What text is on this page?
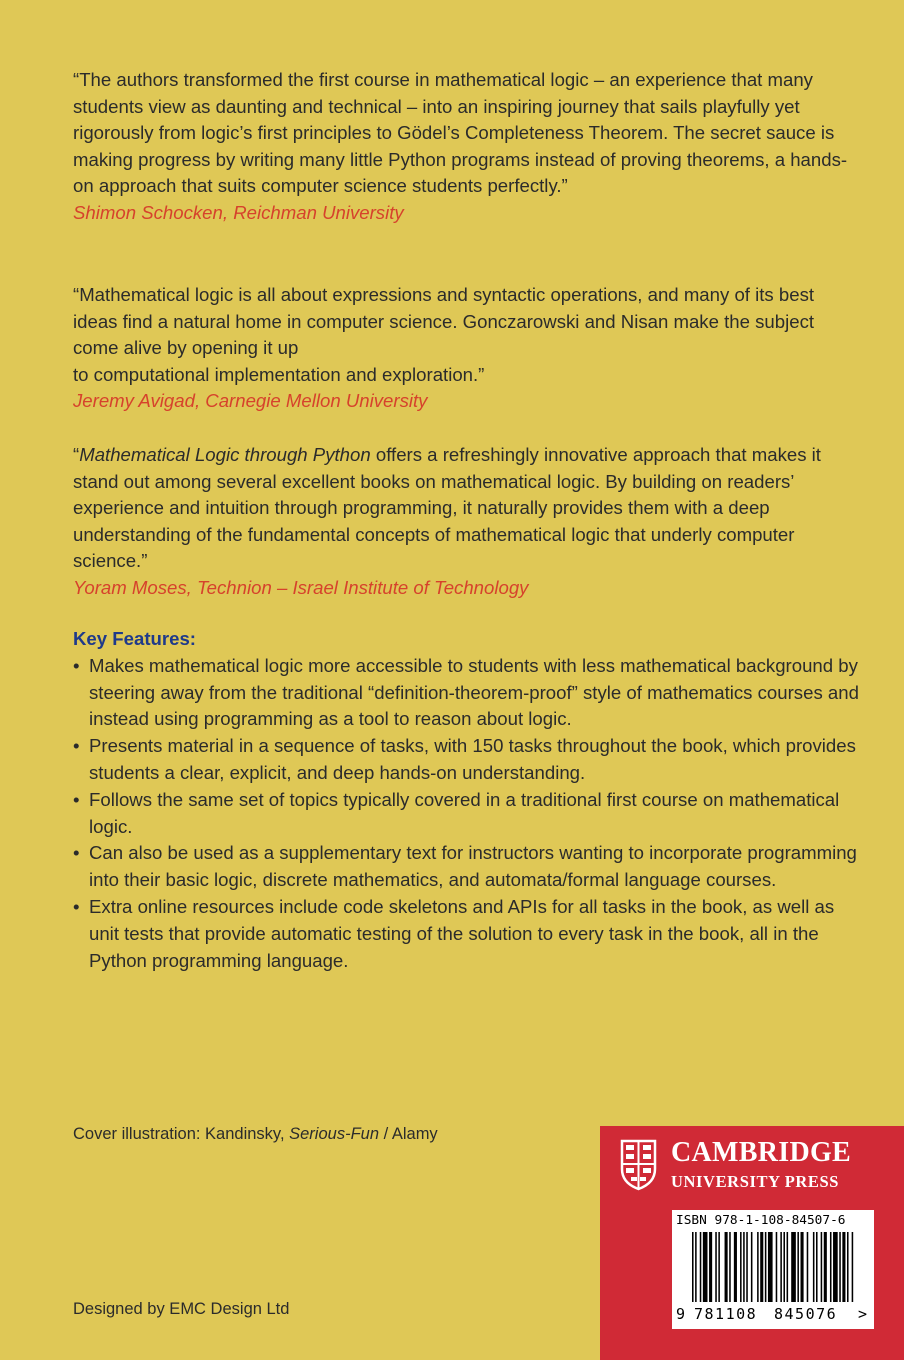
“The authors transformed the first course in mathematical logic – an experience that many students view as daunting and technical – into an inspiring journey that sails playfully yet rigorously from logic’s first principles to Gödel’s Completeness Theorem. The secret sauce is making progress by writing many little Python programs instead of proving theorems, a hands-on approach that suits computer science students perfectly.”

Shimon Schocken, Reichman University

“Mathematical logic is all about expressions and syntactic operations, and many of its best ideas find a natural home in computer science. Gonczarowski and Nisan make the subject come alive by opening it up
to computational implementation and exploration.”

Jeremy Avigad, Carnegie Mellon University

“Mathematical Logic through Python offers a refreshingly innovative approach that makes it stand out among several excellent books on mathematical logic. By building on readers’ experience and intuition through programming, it naturally provides them with a deep understanding of the fundamental concepts of mathematical logic that underly computer science.”

Yoram Moses, Technion – Israel Institute of Technology

Key Features:
• Makes mathematical logic more accessible to students with less mathematical background by steering away from the traditional “definition-theorem-proof” style of mathematics courses and instead using programming as a tool to reason about logic.
• Presents material in a sequence of tasks, with 150 tasks throughout the book, which provides students a clear, explicit, and deep hands-on understanding.
• Follows the same set of topics typically covered in a traditional first course on mathematical logic.
• Can also be used as a supplementary text for instructors wanting to incorporate programming into their basic logic, discrete mathematics, and automata/formal language courses.
• Extra online resources include code skeletons and APIs for all tasks in the book, as well as unit tests that provide automatic testing of the solution to every task in the book, all in the Python programming language.
Cover illustration: Kandinsky, Serious-Fun / Alamy
Designed by EMC Design Ltd
CAMBRIDGE
UNIVERSITY PRESS
ISBN 978-1-108-84507-6
9 781108 845076 >
